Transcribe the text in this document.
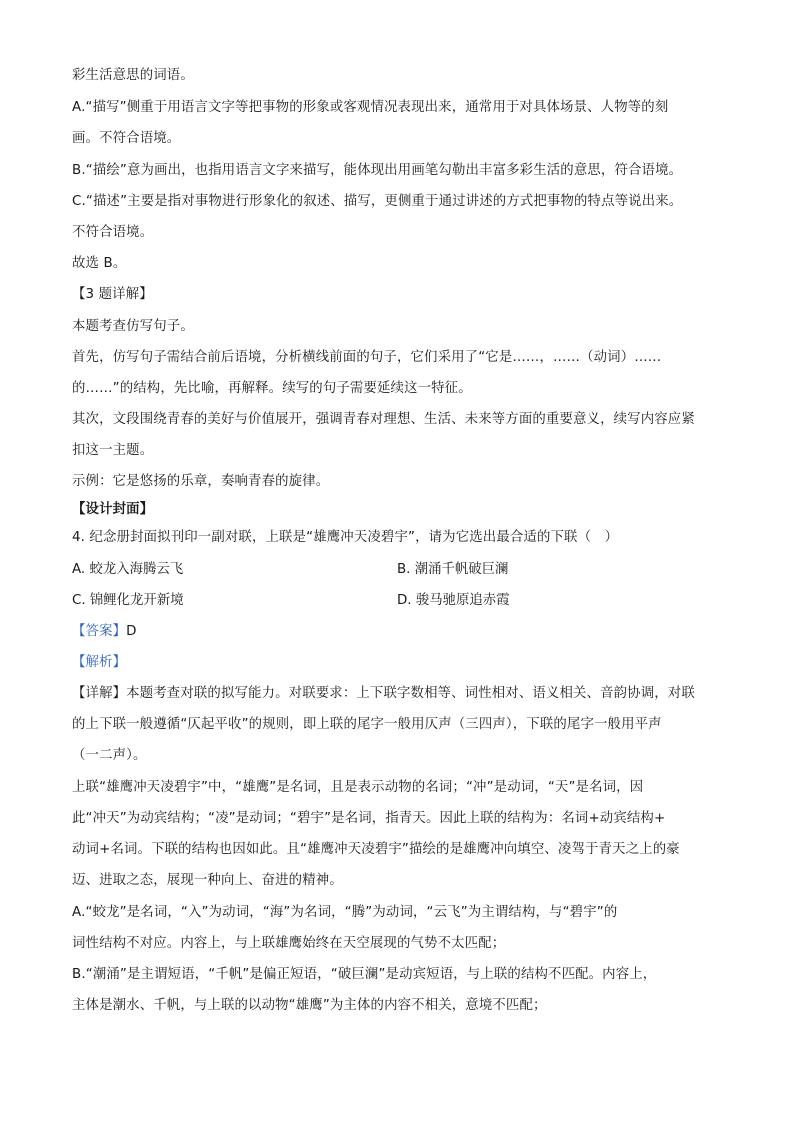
彩生活意思的词语。
A.“描写”侧重于用语言文字等把事物的形象或客观情况表现出来，通常用于对具体场景、人物等的刻
画。不符合语境。
B.“描绘”意为画出，也指用语言文字来描写，能体现出用画笔勾勒出丰富多彩生活的意思，符合语境。
C.“描述”主要是指对事物进行形象化的叙述、描写，更侧重于通过讲述的方式把事物的特点等说出来。
不符合语境。
故选 B。
【3 题详解】
本题考查仿写句子。
首先，仿写句子需结合前后语境，分析横线前面的句子，它们采用了“它是……，……（动词）……
的……”的结构，先比喻，再解释。续写的句子需要延续这一特征。
其次，文段围绕青春的美好与价值展开，强调青春对理想、生活、未来等方面的重要意义，续写内容应紧
扣这一主题。
示例：它是悠扬的乐章，奏响青春的旋律。
【设计封面】
4. 纪念册封面拟刊印一副对联，上联是“雄鹰冲天凌碧宇”，请为它选出最合适的下联（　）
A. 蛟龙入海腾云飞	B. 潮涌千帆破巨澜
C. 锦鲤化龙开新境	D. 骏马驰原追赤霞
【答案】D
【解析】
【详解】本题考查对联的拟写能力。对联要求：上下联字数相等、词性相对、语义相关、音韵协调，对联
的上下联一般遵循“仄起平收”的规则，即上联的尾字一般用仄声（三四声），下联的尾字一般用平声
（一二声）。
上联“雄鹰冲天凌碧宇”中，“雄鹰”是名词，且是表示动物的名词；“冲”是动词，“天”是名词，因
此“冲天”为动宾结构；“凌”是动词；“碧宇”是名词，指青天。因此上联的结构为：名词+动宾结构+
动词+名词。下联的结构也因如此。且“雄鹰冲天凌碧宇”描绘的是雄鹰冲向填空、凌驾于青天之上的豪
迈、进取之态，展现一种向上、奋进的精神。
A.“蛟龙”是名词，“入”为动词，“海”为名词，“腾”为动词，“云飞”为主谓结构，与“碧宇”的
词性结构不对应。内容上，与上联雄鹰始终在天空展现的气势不太匹配；
B.“潮涌”是主谓短语，“千帆”是偏正短语，“破巨澜”是动宾短语，与上联的结构不匹配。内容上，
主体是潮水、千帆，与上联的以动物“雄鹰”为主体的内容不相关，意境不匹配；
